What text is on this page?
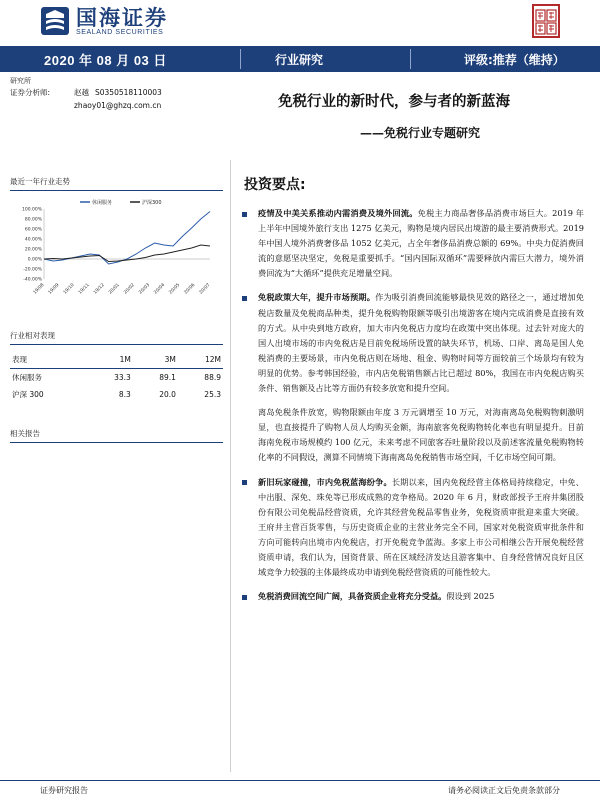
国海证券
SEALAND SECURITIES
2020 年 08 月 03 日	行业研究	评级:推荐（维持）
研究所
证券分析师:	赵越 S0350518110003
zhaoy01@ghzq.com.cn	免税行业的新时代，参与者的新蓝海
——免税行业专题研究
最近一年行业走势
休闲服务	沪深300
100.00%
80.00%
60.00%
40.00%
20.00%
0.00%
-20.00%
-40.00%
19/08 19/09 19/10 19/11 19/12 20/01 20/02 20/03 20/04 20/05 20/06 20/07
行业相对表现
表现	1M	3M	12M
休闲服务	33.3	89.1	88.9
沪深 300	8.3	20.0	25.3
相关报告
投资要点:
疫情及中美关系推动内需消费及境外回流。免税主力商品奢侈品消费市场巨大。2019 年上半年中国境外旅行支出 1275 亿美元，购物是境内居民出境游的最主要消费形式。2019 年中国人境外消费奢侈品 1052 亿美元，占全年奢侈品消费总额的 69%。中央力促消费回流的意愿坚决坚定，免税是重要抓手。“国内国际双循环”需要释放内需巨大潜力，境外消费回流为“大循环”提供充足增量空间。
免税政策大年，提升市场预期。作为吸引消费回流能够最快见效的路径之一，通过增加免税店数量及免税商品种类，提升免税购物限额等吸引出境游客在境内完成消费是直接有效的方式。从中央到地方政府，加大市内免税店力度均在政策中突出体现。过去针对庞大的国人出境市场的市内免税店是目前免税场所设置的缺失环节，机场、口岸、离岛是国人免税消费的主要场景，市内免税店则在场地、租金、购物时间等方面较前三个场景均有较为明显的优势。参考韩国经验，市内店免税销售额占比已超过 80%，我国在市内免税店购买条件、销售额及占比等方面仍有较多放宽和提升空间。
离岛免税条件放宽，购物限额由年度 3 万元调增至 10 万元，对海南离岛免税购物刺激明显，也直接提升了购物人员人均购买金额，海南旅客免税购物转化率也有明显提升。目前海南免税市场规模约 100 亿元，未来考虑不同旅客吞吐量阶段以及前述客流量免税购物转化率的不同假设，测算不同情境下海南离岛免税销售市场空间，千亿市场空间可期。
新旧玩家碰撞，市内免税蓝海纷争。长期以来，国内免税经营主体格局持续稳定，中免、中出服、深免、珠免等已形成成熟的竞争格局。2020 年 6 月，财政部授予王府井集团股份有限公司免税品经营资质，允许其经营免税品零售业务，免税资质审批迎来重大突破。王府井主营百货零售，与历史资质企业的主营业务完全不同，国家对免税资质审批条件和方向可能转向出境市内免税店，打开免税竞争蓝海。多家上市公司相继公告开展免税经营资质申请，我们认为，国资背景、所在区域经济发达且游客集中、自身经营情况良好且区域竞争力较强的主体最终成功申请到免税经营资质的可能性较大。
免税消费回流空间广阔，具备资质企业将充分受益。假设到 2025
证券研究报告	请务必阅读正文后免责条款部分
